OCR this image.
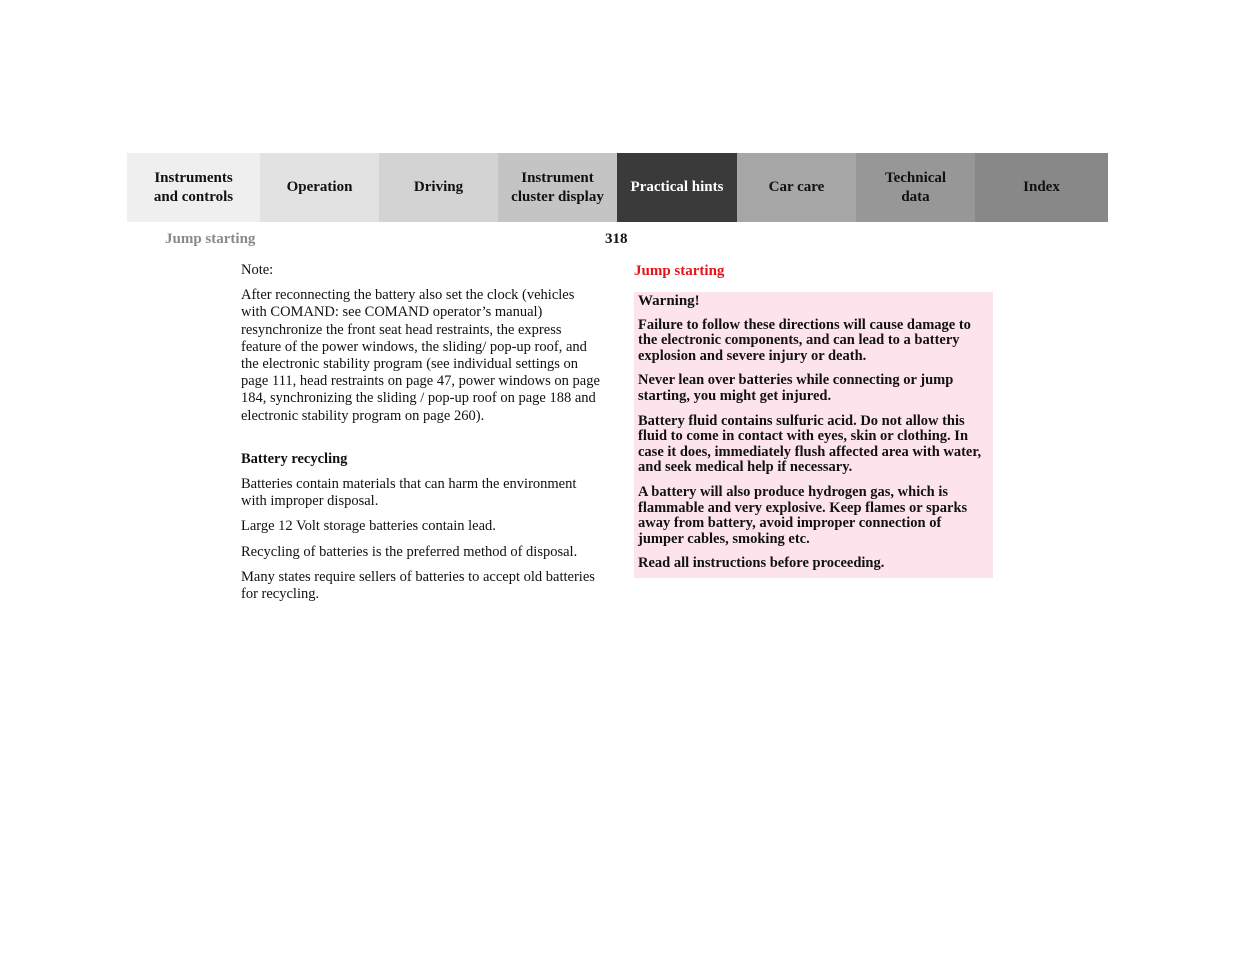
Instruments
and controls
Operation	Driving
Instrument
cluster display
Practical hints	Car care
Technical
data
Index
Jump starting	318

Note:

After reconnecting the battery also set the clock (vehicles with COMAND: see COMAND operator’s manual) resynchronize the front seat head restraints, the express feature of the power windows, the sliding/ pop-up roof, and the electronic stability program (see individual settings on page 111, head restraints on page 47, power windows on page 184, synchronizing the sliding / pop-up roof on page 188 and electronic stability program on page 260).

Battery recycling

Batteries contain materials that can harm the environment with improper disposal.

Large 12 Volt storage batteries contain lead.

Recycling of batteries is the preferred method of disposal.

Many states require sellers of batteries to accept old batteries for recycling.

Jump starting

Warning!

Failure to follow these directions will cause damage to the electronic components, and can lead to a battery explosion and severe injury or death.

Never lean over batteries while connecting or jump starting, you might get injured.

Battery fluid contains sulfuric acid. Do not allow this fluid to come in contact with eyes, skin or clothing. In case it does, immediately flush affected area with water, and seek medical help if necessary.

A battery will also produce hydrogen gas, which is flammable and very explosive. Keep flames or sparks away from battery, avoid improper connection of jumper cables, smoking etc.

Read all instructions before proceeding.
